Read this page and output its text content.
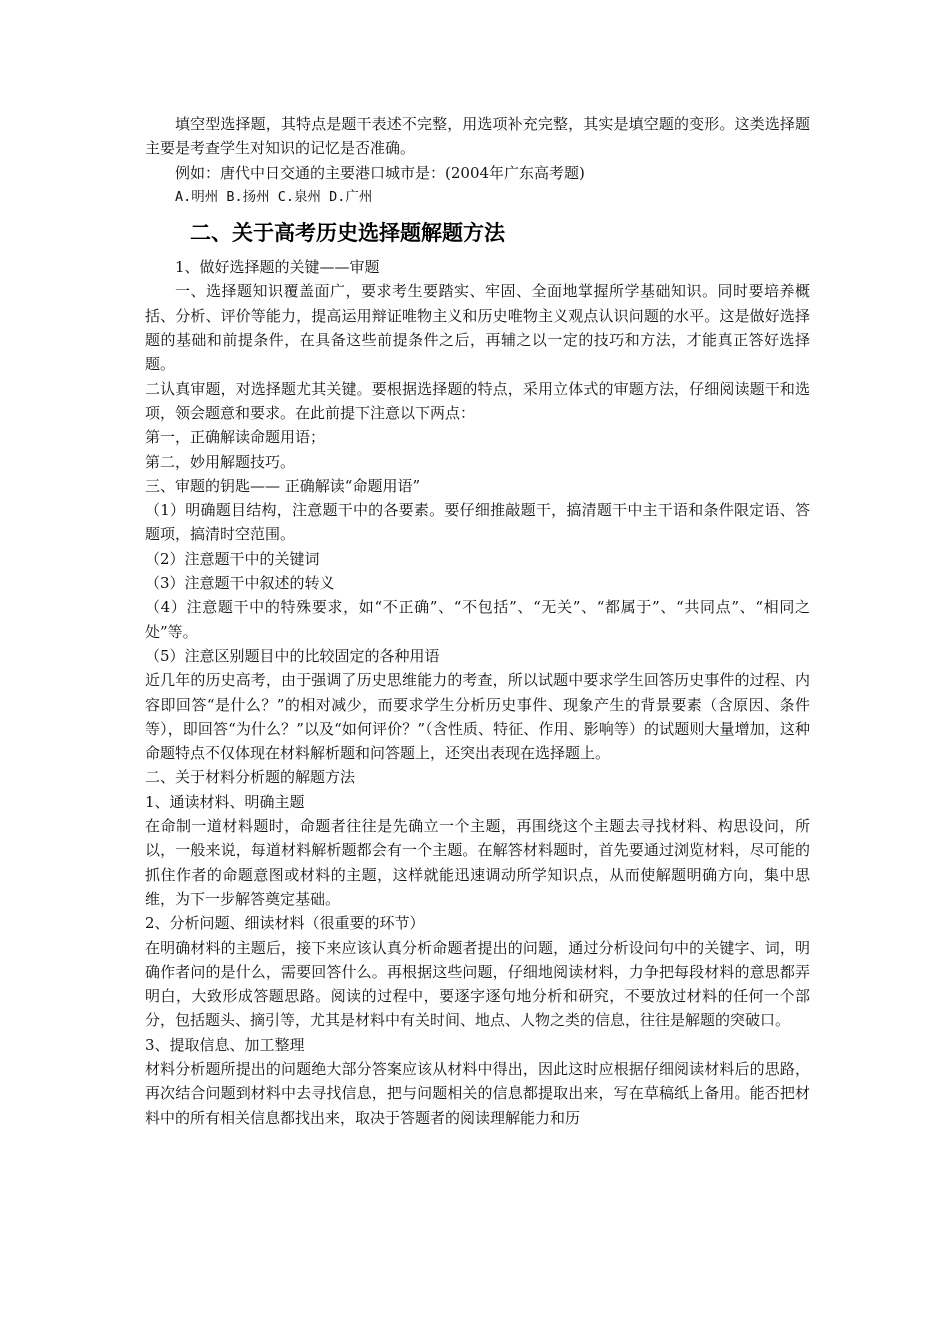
填空型选择题，其特点是题干表述不完整，用选项补充完整，其实是填空题的变形。这类选择题主要是考查学生对知识的记忆是否准确。

例如：唐代中日交通的主要港口城市是：(2004年广东高考题)

A.明州 B.扬州 C.泉州 D.广州

二、关于高考历史选择题解题方法

1、做好选择题的关键——审题

一、选择题知识覆盖面广，要求考生要踏实、牢固、全面地掌握所学基础知识。同时要培养概括、分析、评价等能力，提高运用辩证唯物主义和历史唯物主义观点认识问题的水平。这是做好选择题的基础和前提条件，在具备这些前提条件之后，再辅之以一定的技巧和方法，才能真正答好选择题。

二认真审题，对选择题尤其关键。要根据选择题的特点，采用立体式的审题方法，仔细阅读题干和选项，领会题意和要求。在此前提下注意以下两点：

第一，正确解读命题用语；

第二，妙用解题技巧。

三、审题的钥匙—— 正确解读“命题用语”

（1）明确题目结构，注意题干中的各要素。要仔细推敲题干，搞清题干中主干语和条件限定语、答题项，搞清时空范围。

（2）注意题干中的关键词

（3）注意题干中叙述的转义

（4）注意题干中的特殊要求，如“不正确”、“不包括”、“无关”、“都属于”、“共同点”、“相同之处”等。

（5）注意区别题目中的比较固定的各种用语

近几年的历史高考，由于强调了历史思维能力的考查，所以试题中要求学生回答历史事件的过程、内容即回答“是什么？”的相对减少，而要求学生分析历史事件、现象产生的背景要素（含原因、条件等），即回答“为什么？”以及“如何评价？”（含性质、特征、作用、影响等）的试题则大量增加，这种命题特点不仅体现在材料解析题和问答题上，还突出表现在选择题上。

二、关于材料分析题的解题方法

1、通读材料、明确主题

在命制一道材料题时，命题者往往是先确立一个主题，再围绕这个主题去寻找材料、构思设问，所以，一般来说，每道材料解析题都会有一个主题。在解答材料题时，首先要通过浏览材料，尽可能的抓住作者的命题意图或材料的主题，这样就能迅速调动所学知识点，从而使解题明确方向，集中思维，为下一步解答奠定基础。

2、分析问题、细读材料（很重要的环节）

在明确材料的主题后，接下来应该认真分析命题者提出的问题，通过分析设问句中的关键字、词，明确作者问的是什么，需要回答什么。再根据这些问题，仔细地阅读材料，力争把每段材料的意思都弄明白，大致形成答题思路。阅读的过程中，要逐字逐句地分析和研究，不要放过材料的任何一个部分，包括题头、摘引等，尤其是材料中有关时间、地点、人物之类的信息，往往是解题的突破口。

3、提取信息、加工整理

材料分析题所提出的问题绝大部分答案应该从材料中得出，因此这时应根据仔细阅读材料后的思路，再次结合问题到材料中去寻找信息，把与问题相关的信息都提取出来，写在草稿纸上备用。能否把材料中的所有相关信息都找出来，取决于答题者的阅读理解能力和历
